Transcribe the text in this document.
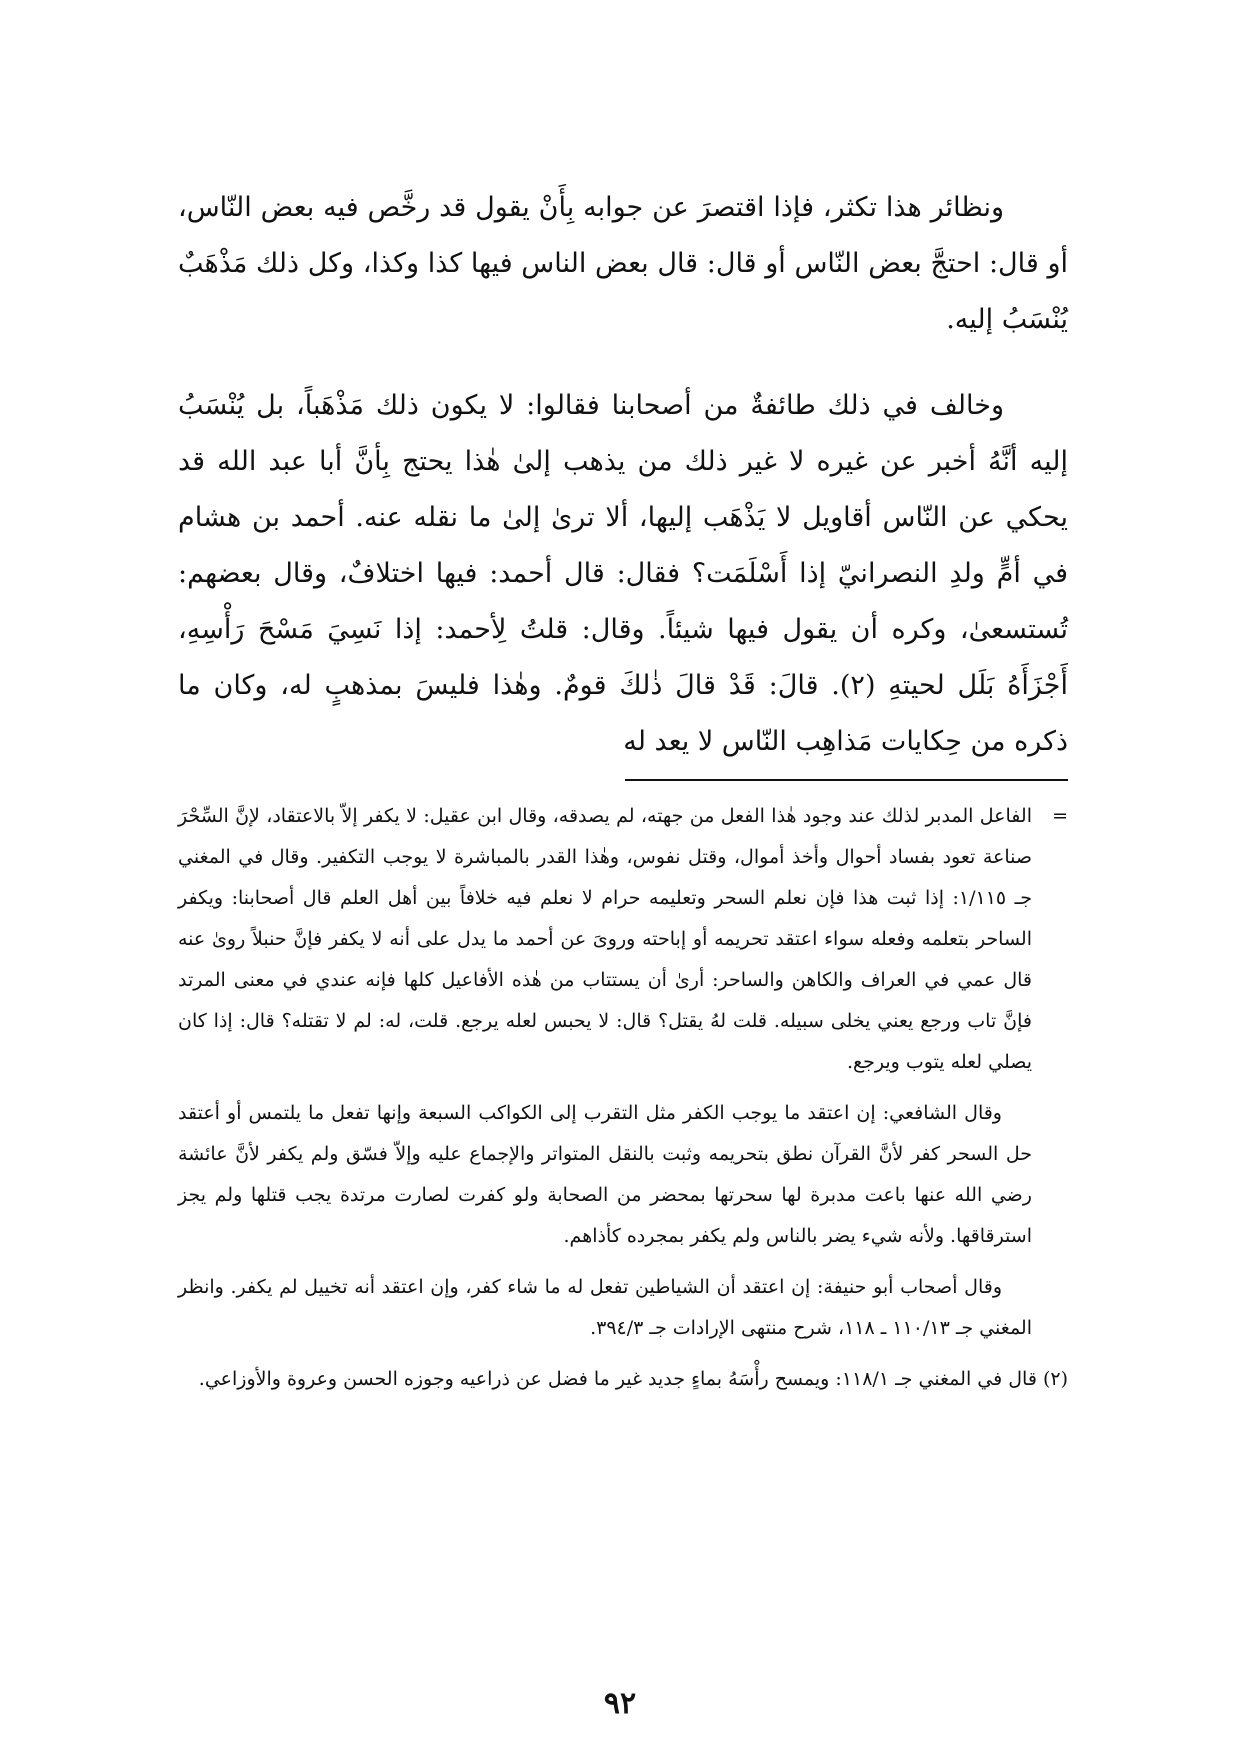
ونظائر هذا تكثر، فإذا اقتصرَ عن جوابه بِأَنْ يقول قد رخَّص فيه بعض النّاس، أو قال: احتجَّ بعض النّاس أو قال: قال بعض الناس فيها كذا وكذا، وكل ذلك مَذْهَبٌ يُنْسَبُ إليه.

وخالف في ذلك طائفةٌ من أصحابنا فقالوا: لا يكون ذلك مَذْهَباً، بل يُنْسَبُ إليه أنَّهُ أخبر عن غيره لا غير ذلك من يذهب إلىٰ هٰذا يحتج بِأنَّ أبا عبد الله قد يحكي عن النّاس أقاويل لا يَذْهَب إليها، ألا ترىٰ إلىٰ ما نقله عنه. أحمد بن هشام في أمٍّ ولدِ النصرانيّ إذا أَسْلَمَت؟ فقال: قال أحمد: فيها اختلافٌ، وقال بعضهم: تُستسعىٰ، وكره أن يقول فيها شيئاً. وقال: قلتُ لِأحمد: إذا نَسِيَ مَسْحَ رَأْسِهِ، أَجْزَأَهُ بَلَل لحيتهِ (٢). قالَ: قَدْ قالَ ذٰلكَ قومٌ. وهٰذا فليسَ بمذهبٍ له، وكان ما ذكره من حِكايات مَذاهِب النّاس لا يعد له

=
الفاعل المدبر لذلك عند وجود هٰذا الفعل من جهته، لم يصدقه، وقال ابن عقيل: لا يكفر إلاّ بالاعتقاد، لإنَّ السِّحْرَ صناعة تعود بفساد أحوال وأخذ أموال، وقتل نفوس، وهٰذا القدر بالمباشرة لا يوجب التكفير. وقال في المغني جـ ١/١١٥: إذا ثبت هذا فإن نعلم السحر وتعليمه حرام لا نعلم فيه خلافاً بين أهل العلم قال أصحابنا: ويكفر الساحر بتعلمه وفعله سواء اعتقد تحريمه أو إباحته وروىَ عن أحمد ما يدل على أنه لا يكفر فإنَّ حنبلاً روىٰ عنه قال عمي في العراف والكاهن والساحر: أرىٰ أن يستتاب من هٰذه الأفاعيل كلها فإنه عندي في معنى المرتد فإنَّ تاب ورجع يعني يخلى سبيله. قلت لهُ يقتل؟ قال: لا يحبس لعله يرجع. قلت، له: لم لا تقتله؟ قال: إذا كان يصلي لعله يتوب ويرجع.

وقال الشافعي: إن اعتقد ما يوجب الكفر مثل التقرب إلى الكواكب السبعة وإنها تفعل ما يلتمس أو أعتقد حل السحر كفر لأنَّ القرآن نطق بتحريمه وثبت بالنقل المتواتر والإجماع عليه وإلاّ فسّق ولم يكفر لأنَّ عائشة رضي الله عنها باعت مدبرة لها سحرتها بمحضر من الصحابة ولو كفرت لصارت مرتدة يجب قتلها ولم يجز استرقاقها. ولأنه شيء يضر بالناس ولم يكفر بمجرده كأذاهم.

وقال أصحاب أبو حنيفة: إن اعتقد أن الشياطين تفعل له ما شاء كفر، وإن اعتقد أنه تخييل لم يكفر. وانظر المغني جـ ١١٠/١٣ ـ ١١٨، شرح منتهى الإرادات جـ ٣٩٤/٣.

(٢) قال في المغني جـ ١١٨/١: ويمسح رأْسَهُ بماءٍ جديد غير ما فضل عن ذراعيه وجوزه الحسن وعروة والأوزاعي.

٩٢
